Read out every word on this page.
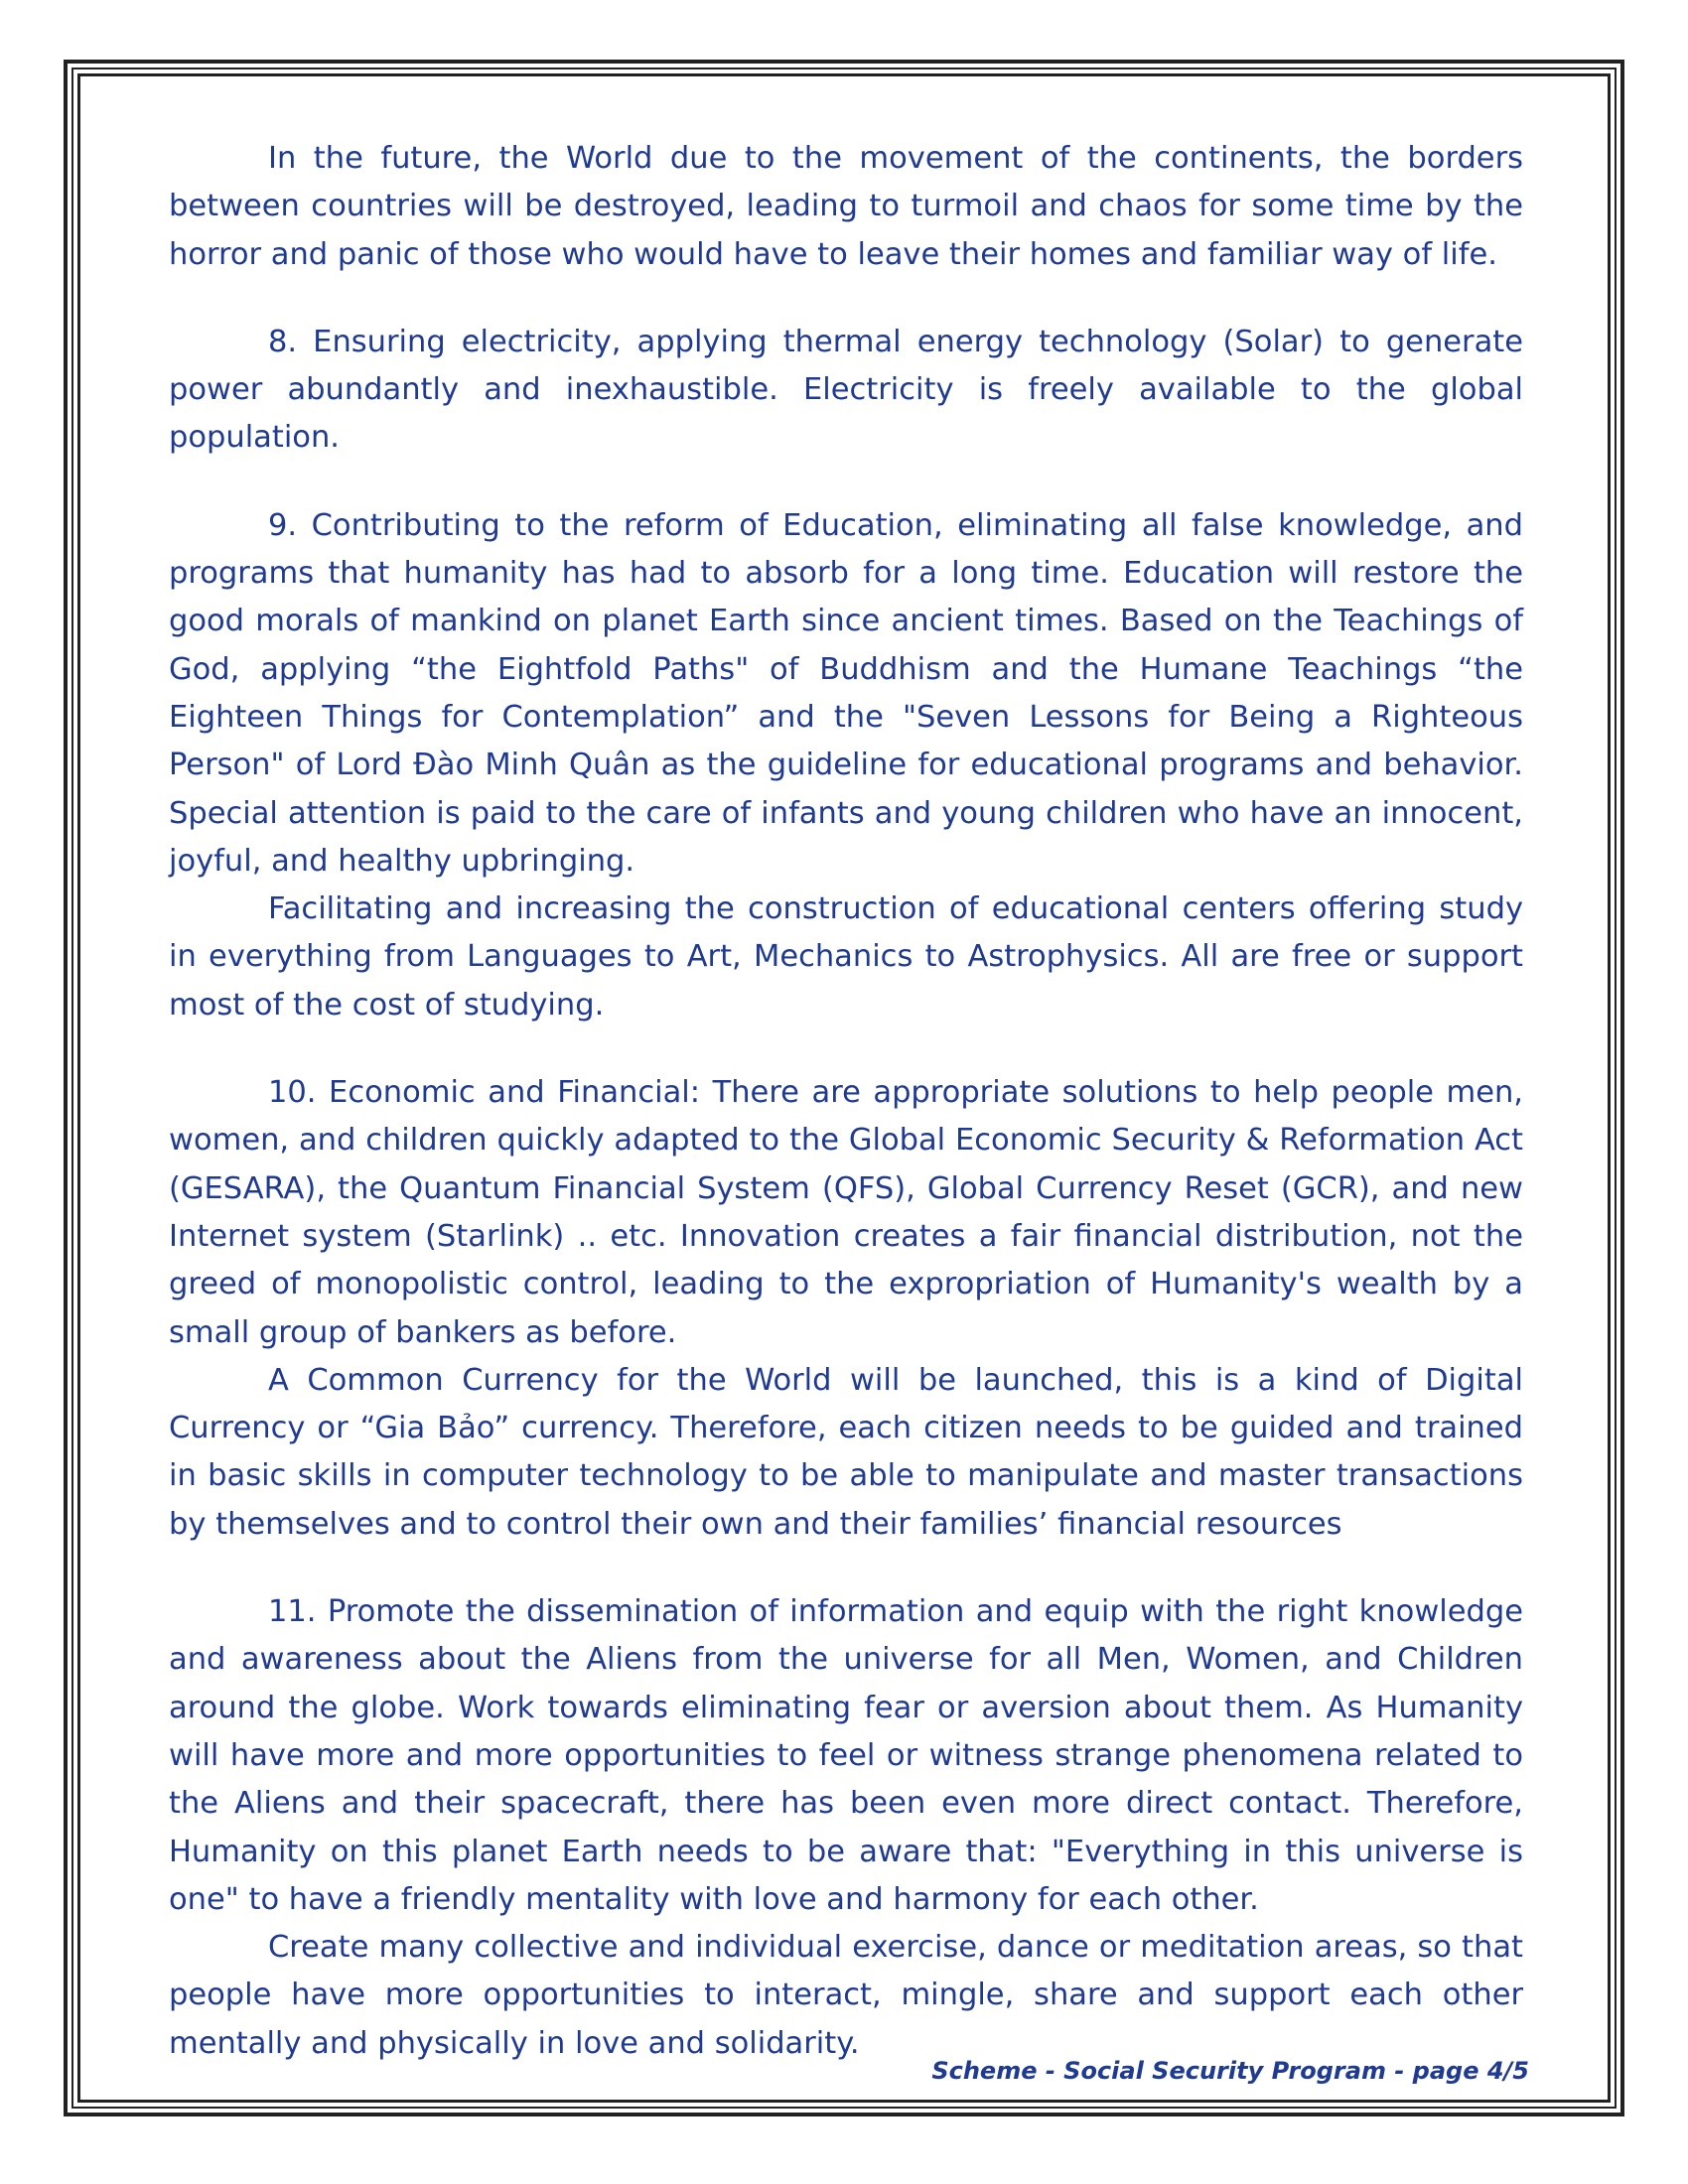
In the future, the World due to the movement of the continents, the borders between countries will be destroyed, leading to turmoil and chaos for some time by the horror and panic of those who would have to leave their homes and familiar way of life.

8. Ensuring electricity, applying thermal energy technology (Solar) to generate power abundantly and inexhaustible. Electricity is freely available to the global population.

9. Contributing to the reform of Education, eliminating all false knowledge, and programs that humanity has had to absorb for a long time. Education will restore the good morals of mankind on planet Earth since ancient times. Based on the Teachings of God, applying “the Eightfold Paths" of Buddhism and the Humane Teachings “the Eighteen Things for Contemplation” and the "Seven Lessons for Being a Righteous Person" of Lord Đào Minh Quân as the guideline for educational programs and behavior. Special attention is paid to the care of infants and young children who have an innocent, joyful, and healthy upbringing.

Facilitating and increasing the construction of educational centers offering study in everything from Languages to Art, Mechanics to Astrophysics. All are free or support most of the cost of studying.

10. Economic and Financial: There are appropriate solutions to help people men, women, and children quickly adapted to the Global Economic Security & Reformation Act (GESARA), the Quantum Financial System (QFS), Global Currency Reset (GCR), and new Internet system (Starlink) .. etc. Innovation creates a fair financial distribution, not the greed of monopolistic control, leading to the expropriation of Humanity's wealth by a small group of bankers as before.

A Common Currency for the World will be launched, this is a kind of Digital Currency or “Gia Bảo” currency. Therefore, each citizen needs to be guided and trained in basic skills in computer technology to be able to manipulate and master transactions by themselves and to control their own and their families’ financial resources

11. Promote the dissemination of information and equip with the right knowledge and awareness about the Aliens from the universe for all Men, Women, and Children around the globe. Work towards eliminating fear or aversion about them. As Humanity will have more and more opportunities to feel or witness strange phenomena related to the Aliens and their spacecraft, there has been even more direct contact. Therefore, Humanity on this planet Earth needs to be aware that: "Everything in this universe is one" to have a friendly mentality with love and harmony for each other.

Create many collective and individual exercise, dance or meditation areas, so that people have more opportunities to interact, mingle, share and support each other mentally and physically in love and solidarity.

Scheme - Social Security Program - page 4/5
